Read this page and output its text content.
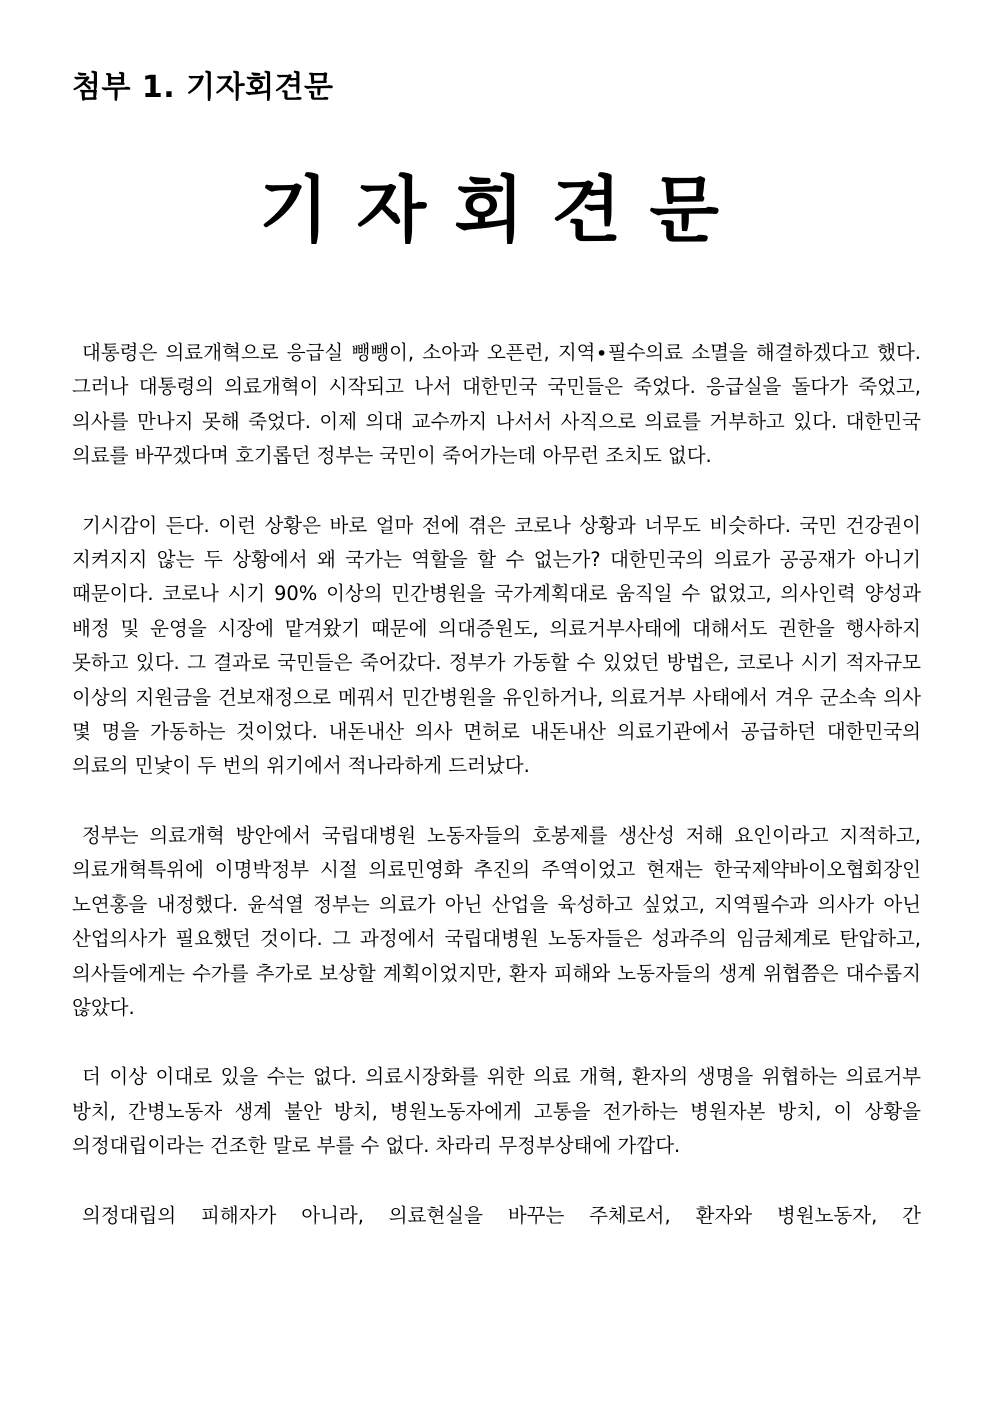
첨부 1. 기자회견문
기자회견문

대통령은 의료개혁으로 응급실 뺑뺑이, 소아과 오픈런, 지역∙필수의료 소멸을 해결하겠다고 했다. 그러나 대통령의 의료개혁이 시작되고 나서 대한민국 국민들은 죽었다. 응급실을 돌다가 죽었고, 의사를 만나지 못해 죽었다. 이제 의대 교수까지 나서서 사직으로 의료를 거부하고 있다. 대한민국 의료를 바꾸겠다며 호기롭던 정부는 국민이 죽어가는데 아무런 조치도 없다.

기시감이 든다. 이런 상황은 바로 얼마 전에 겪은 코로나 상황과 너무도 비슷하다. 국민 건강권이 지켜지지 않는 두 상황에서 왜 국가는 역할을 할 수 없는가? 대한민국의 의료가 공공재가 아니기 때문이다. 코로나 시기 90% 이상의 민간병원을 국가계획대로 움직일 수 없었고, 의사인력 양성과 배정 및 운영을 시장에 맡겨왔기 때문에 의대증원도, 의료거부사태에 대해서도 권한을 행사하지 못하고 있다. 그 결과로 국민들은 죽어갔다. 정부가 가동할 수 있었던 방법은, 코로나 시기 적자규모 이상의 지원금을 건보재정으로 메꿔서 민간병원을 유인하거나, 의료거부 사태에서 겨우 군소속 의사 몇 명을 가동하는 것이었다. 내돈내산 의사 면허로 내돈내산 의료기관에서 공급하던 대한민국의 의료의 민낯이 두 번의 위기에서 적나라하게 드러났다.

정부는 의료개혁 방안에서 국립대병원 노동자들의 호봉제를 생산성 저해 요인이라고 지적하고, 의료개혁특위에 이명박정부 시절 의료민영화 추진의 주역이었고 현재는 한국제약바이오협회장인 노연홍을 내정했다. 윤석열 정부는 의료가 아닌 산업을 육성하고 싶었고, 지역필수과 의사가 아닌 산업의사가 필요했던 것이다. 그 과정에서 국립대병원 노동자들은 성과주의 임금체계로 탄압하고, 의사들에게는 수가를 추가로 보상할 계획이었지만, 환자 피해와 노동자들의 생계 위협쯤은 대수롭지 않았다.

더 이상 이대로 있을 수는 없다. 의료시장화를 위한 의료 개혁, 환자의 생명을 위협하는 의료거부 방치, 간병노동자 생계 불안 방치, 병원노동자에게 고통을 전가하는 병원자본 방치, 이 상황을 의정대립이라는 건조한 말로 부를 수 없다. 차라리 무정부상태에 가깝다.

의정대립의 피해자가 아니라, 의료현실을 바꾸는 주체로서, 환자와 병원노동자, 간
